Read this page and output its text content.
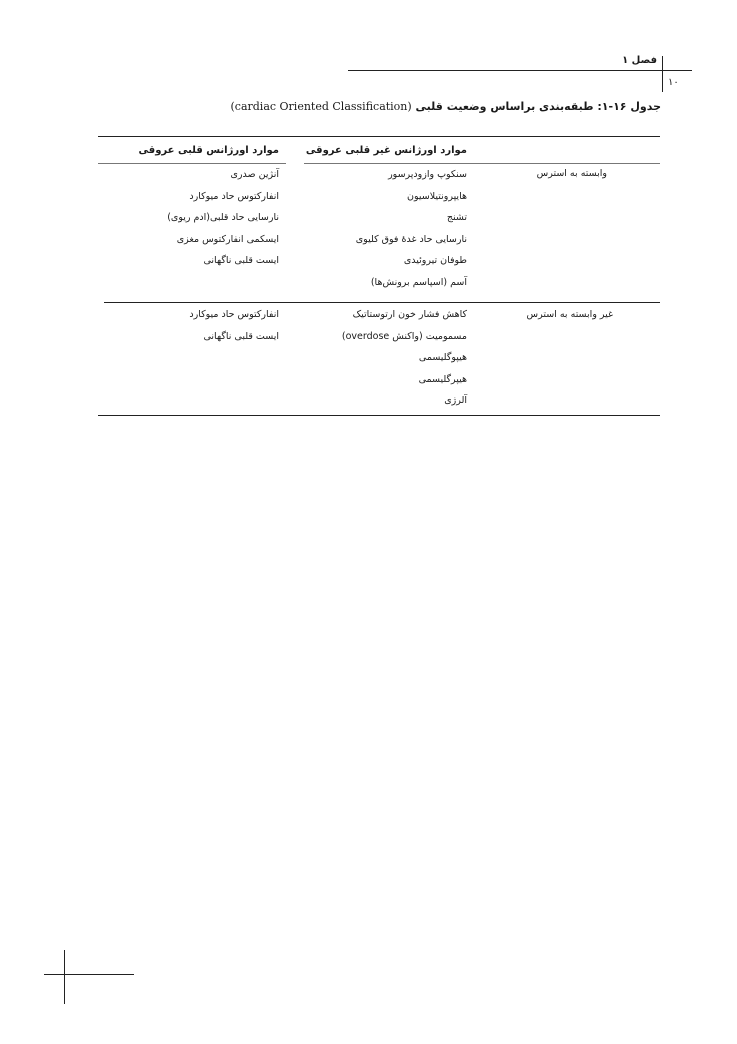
فصل ۱
۱۰
جدول ۱۶-۱: طبقه‌بندی براساس وضعیت قلبی (cardiac Oriented Classification)
موارد اورژانس غیر قلبی عروقی
موارد اورژانس قلبی عروقی
وابسته به استرس
سنکوپ وازودپرسور
هایپرونتیلاسیون
تشنج
نارسایی حاد غدهٔ فوق کلیوی
طوفان تیروئیدی
آسم (اسپاسم برونش‌ها)
آنژین صدری
انفارکتوس حاد میوکارد
نارسایی حاد قلبی(ادم ریوی)
ایسکمی انفارکتوس مغزی
ایست قلبی ناگهانی
غیر وابسته به استرس
کاهش فشار خون ارتوستاتیک
مسمومیت (واکنش overdose)
هیپوگلیسمی
هیپرگلیسمی
آلرژی
انفارکتوس حاد میوکارد
ایست قلبی ناگهانی
